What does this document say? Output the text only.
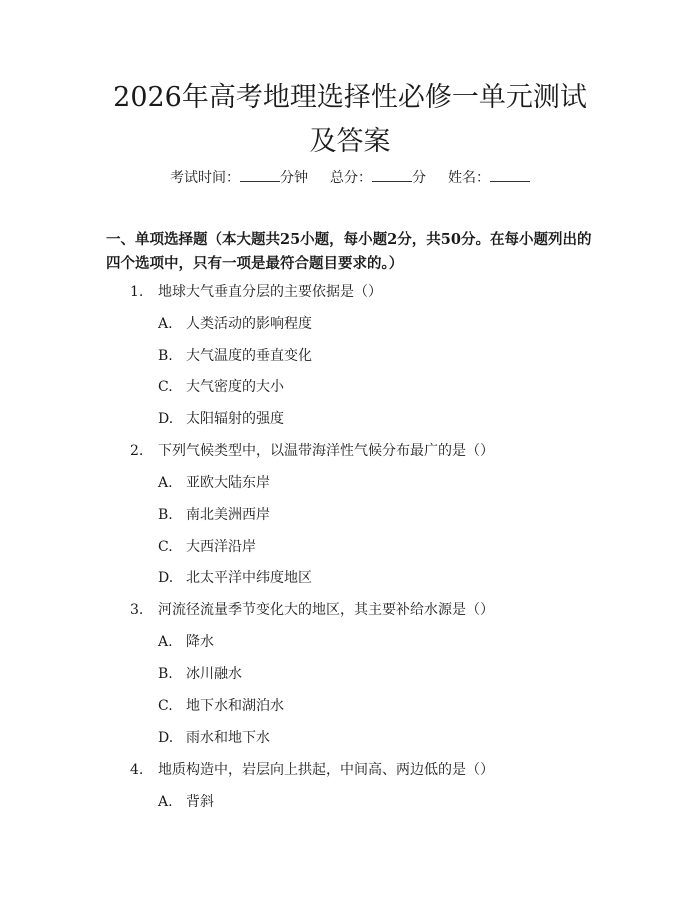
2026年高考地理选择性必修一单元测试及答案
考试时间：	分钟 总分：	分 姓名：

一、单项选择题（本大题共25小题，每小题2分，共50分。在每小题列出的四个选项中，只有一项是最符合题目要求的。）

1. 地球大气垂直分层的主要依据是（）
A. 人类活动的影响程度
B. 大气温度的垂直变化
C. 大气密度的大小
D. 太阳辐射的强度
2. 下列气候类型中，以温带海洋性气候分布最广的是（）
A. 亚欧大陆东岸
B. 南北美洲西岸
C. 大西洋沿岸
D. 北太平洋中纬度地区
3. 河流径流量季节变化大的地区，其主要补给水源是（）
A. 降水
B. 冰川融水
C. 地下水和湖泊水
D. 雨水和地下水
4. 地质构造中，岩层向上拱起，中间高、两边低的是（）
A. 背斜
